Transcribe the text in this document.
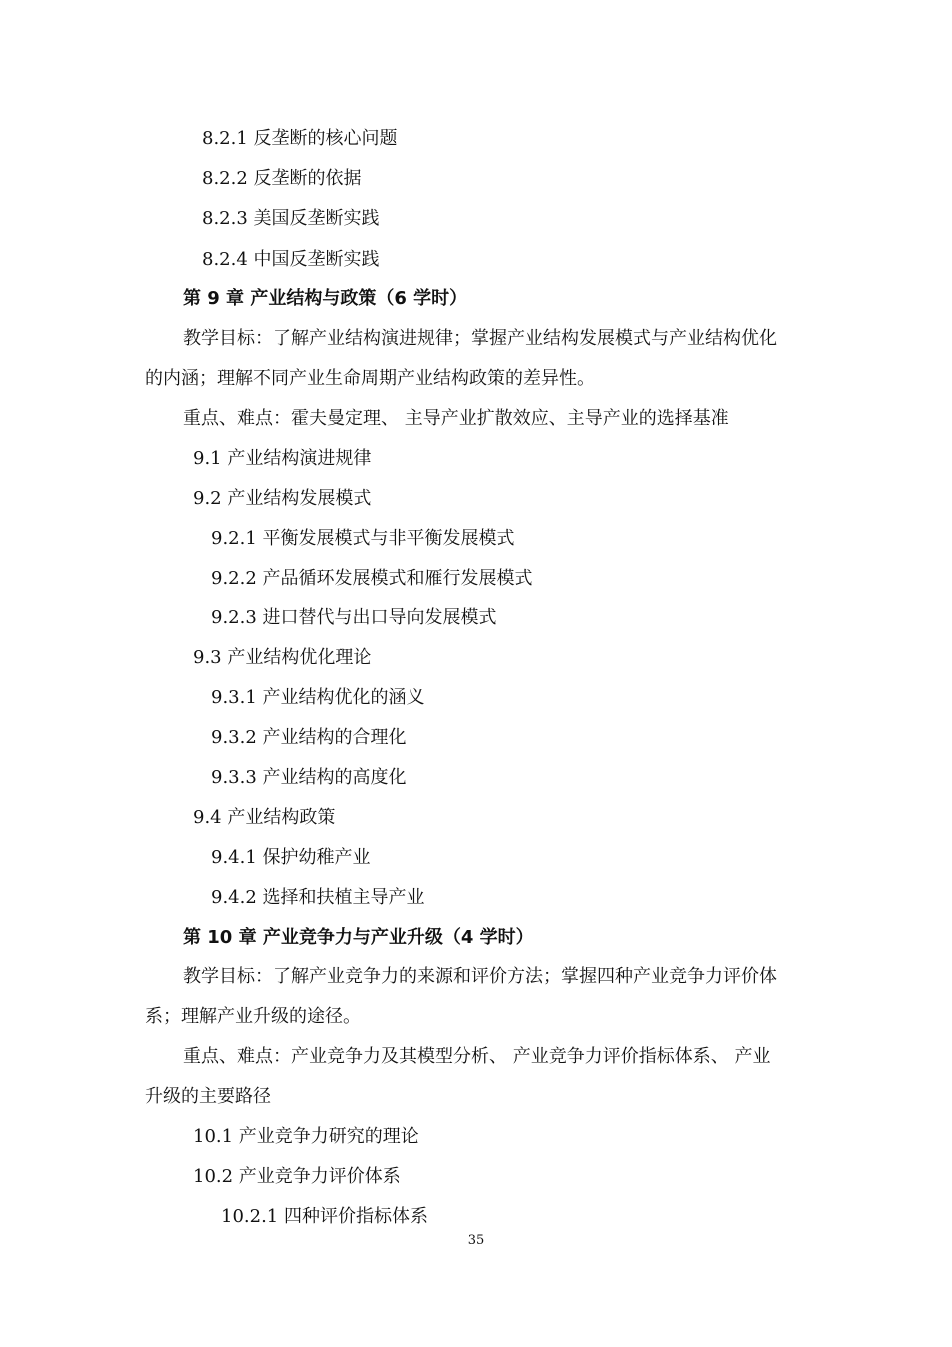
8.2.1 反垄断的核心问题
8.2.2 反垄断的依据
8.2.3 美国反垄断实践
8.2.4 中国反垄断实践
第 9 章 产业结构与政策（6 学时）
教学目标：了解产业结构演进规律；掌握产业结构发展模式与产业结构优化
的内涵；理解不同产业生命周期产业结构政策的差异性。
重点、难点：霍夫曼定理、 主导产业扩散效应、主导产业的选择基准
9.1 产业结构演进规律
9.2 产业结构发展模式
9.2.1 平衡发展模式与非平衡发展模式
9.2.2 产品循环发展模式和雁行发展模式
9.2.3 进口替代与出口导向发展模式
9.3 产业结构优化理论
9.3.1 产业结构优化的涵义
9.3.2 产业结构的合理化
9.3.3 产业结构的高度化
9.4 产业结构政策
9.4.1 保护幼稚产业
9.4.2 选择和扶植主导产业
第 10 章 产业竞争力与产业升级（4 学时）
教学目标：了解产业竞争力的来源和评价方法；掌握四种产业竞争力评价体
系；理解产业升级的途径。
重点、难点：产业竞争力及其模型分析、 产业竞争力评价指标体系、 产业
升级的主要路径
10.1 产业竞争力研究的理论
10.2 产业竞争力评价体系
10.2.1 四种评价指标体系
35
